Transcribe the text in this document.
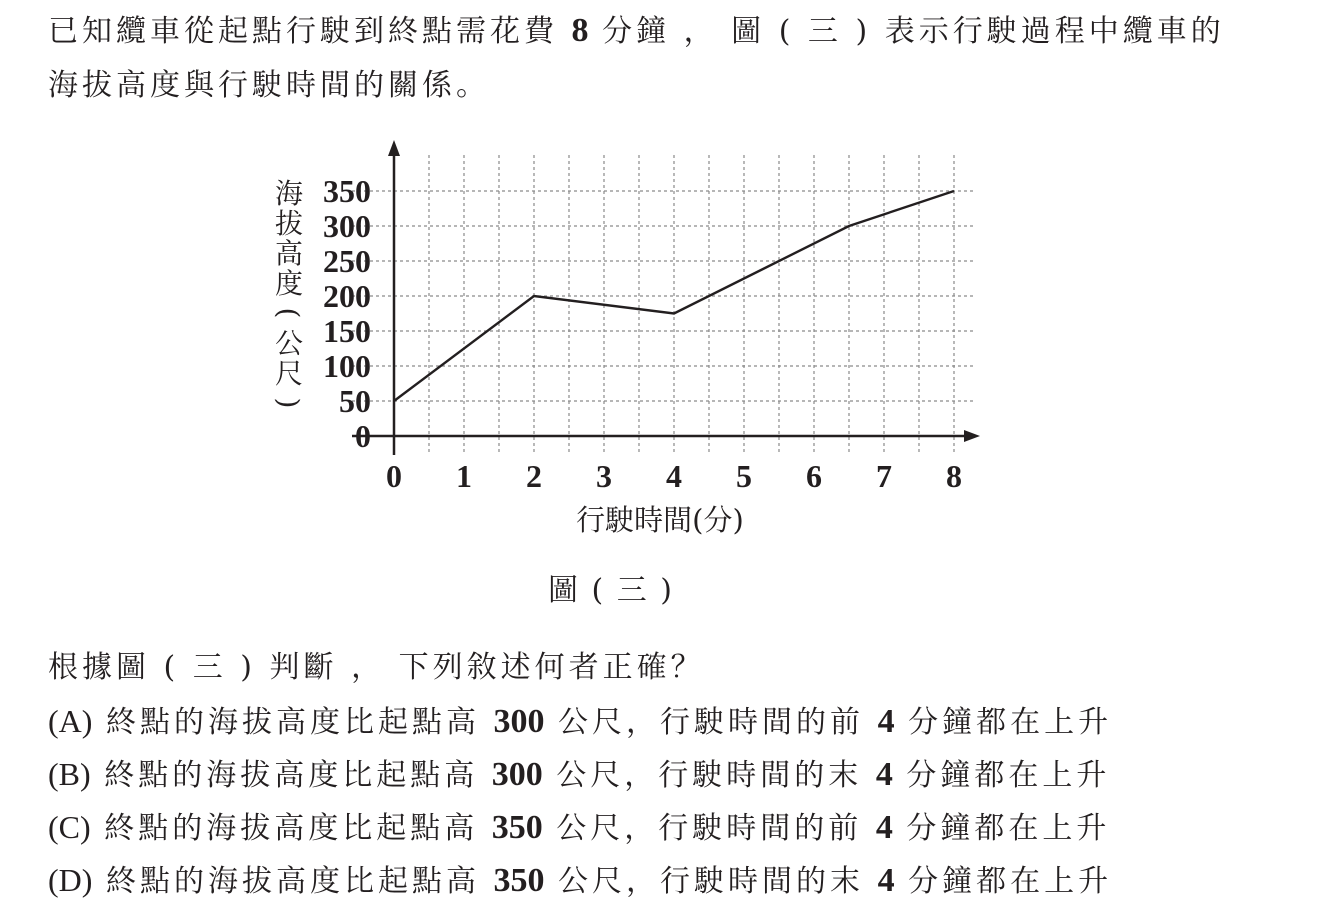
已知纜車從起點行駛到終點需花費 8 分鐘 ， 圖 ( 三 ) 表示行駛過程中纜車的
海拔高度與行駛時間的關係。
0
50
100
150
200
250
300
350
0 1 2 3 4 5 6 7 8
海
拔
高
度
(
公
尺
)
行駛時間(分)
圖 ( 三 )
根據圖 ( 三 ) 判斷 ， 下列敘述何者正確？
(A) 終點的海拔高度比起點高 300 公尺，行駛時間的前 4 分鐘都在上升
(B) 終點的海拔高度比起點高 300 公尺，行駛時間的末 4 分鐘都在上升
(C) 終點的海拔高度比起點高 350 公尺，行駛時間的前 4 分鐘都在上升
(D) 終點的海拔高度比起點高 350 公尺，行駛時間的末 4 分鐘都在上升
